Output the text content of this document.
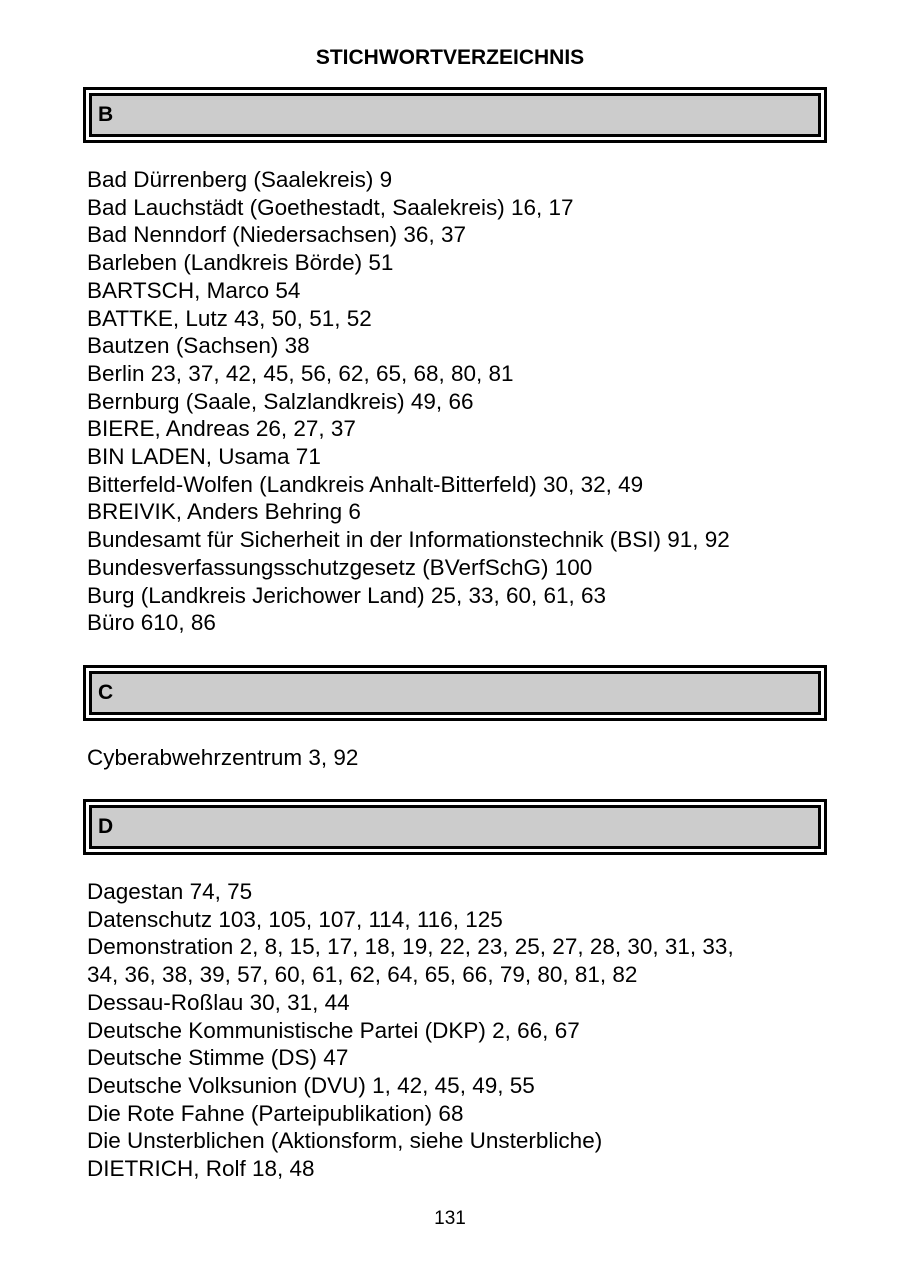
STICHWORTVERZEICHNIS
B
Bad Dürrenberg (Saalekreis) 9
Bad Lauchstädt (Goethestadt, Saalekreis) 16, 17
Bad Nenndorf (Niedersachsen) 36, 37
Barleben (Landkreis Börde) 51
BARTSCH, Marco 54
BATTKE, Lutz 43, 50, 51, 52
Bautzen (Sachsen) 38
Berlin 23, 37, 42, 45, 56, 62, 65, 68, 80, 81
Bernburg (Saale, Salzlandkreis) 49, 66
BIERE, Andreas 26, 27, 37
BIN LADEN, Usama 71
Bitterfeld-Wolfen (Landkreis Anhalt-Bitterfeld) 30, 32, 49
BREIVIK, Anders Behring 6
Bundesamt für Sicherheit in der Informationstechnik (BSI) 91, 92
Bundesverfassungsschutzgesetz (BVerfSchG) 100
Burg (Landkreis Jerichower Land) 25, 33, 60, 61, 63
Büro 610, 86
C
Cyberabwehrzentrum 3, 92
D
Dagestan 74, 75
Datenschutz 103, 105, 107, 114, 116, 125
Demonstration 2, 8, 15, 17, 18, 19, 22, 23, 25, 27, 28, 30, 31, 33,
34, 36, 38, 39, 57, 60, 61, 62, 64, 65, 66, 79, 80, 81, 82
Dessau-Roßlau 30, 31, 44
Deutsche Kommunistische Partei (DKP) 2, 66, 67
Deutsche Stimme (DS) 47
Deutsche Volksunion (DVU) 1, 42, 45, 49, 55
Die Rote Fahne (Parteipublikation) 68
Die Unsterblichen (Aktionsform, siehe Unsterbliche)
DIETRICH, Rolf 18, 48
131
